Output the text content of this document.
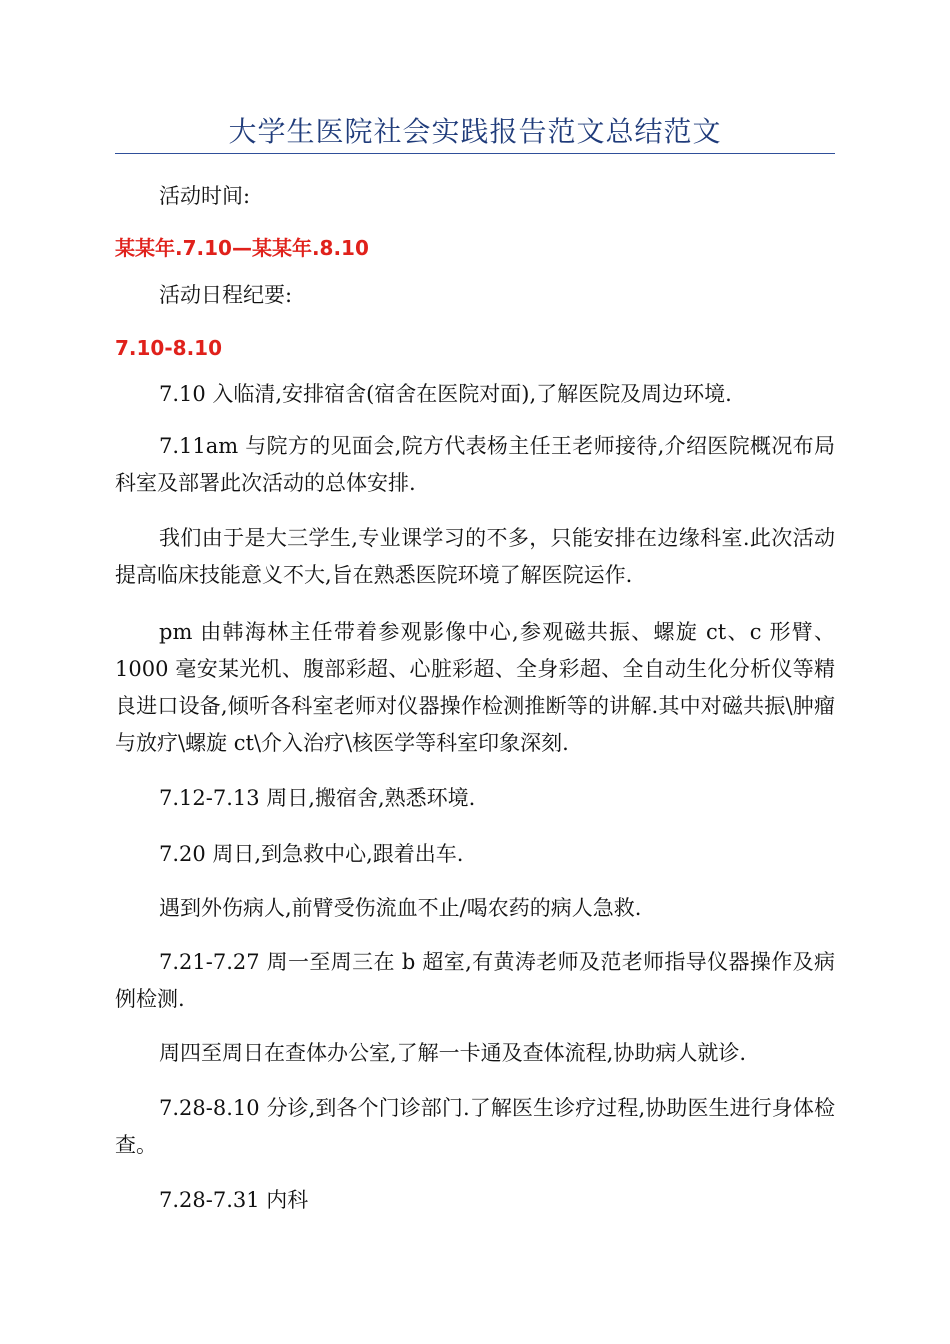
大学生医院社会实践报告范文总结范文

活动时间:

某某年.7.10—某某年.8.10

活动日程纪要:

7.10-8.10

7.10 入临清,安排宿舍(宿舍在医院对面),了解医院及周边环境.

7.11am 与院方的见面会,院方代表杨主任王老师接待,介绍医院概况布局科室及部署此次活动的总体安排.

我们由于是大三学生,专业课学习的不多，只能安排在边缘科室.此次活动提高临床技能意义不大,旨在熟悉医院环境了解医院运作.

pm 由韩海林主任带着参观影像中心,参观磁共振、螺旋 ct、c 形臂、1000 毫安某光机、腹部彩超、心脏彩超、全身彩超、全自动生化分析仪等精良进口设备,倾听各科室老师对仪器操作检测推断等的讲解.其中对磁共振\肿瘤与放疗\螺旋 ct\介入治疗\核医学等科室印象深刻.

7.12-7.13 周日,搬宿舍,熟悉环境.

7.20 周日,到急救中心,跟着出车.

遇到外伤病人,前臂受伤流血不止/喝农药的病人急救.

7.21-7.27 周一至周三在 b 超室,有黄涛老师及范老师指导仪器操作及病例检测.

周四至周日在查体办公室,了解一卡通及查体流程,协助病人就诊.

7.28-8.10 分诊,到各个门诊部门.了解医生诊疗过程,协助医生进行身体检查。

7.28-7.31 内科
